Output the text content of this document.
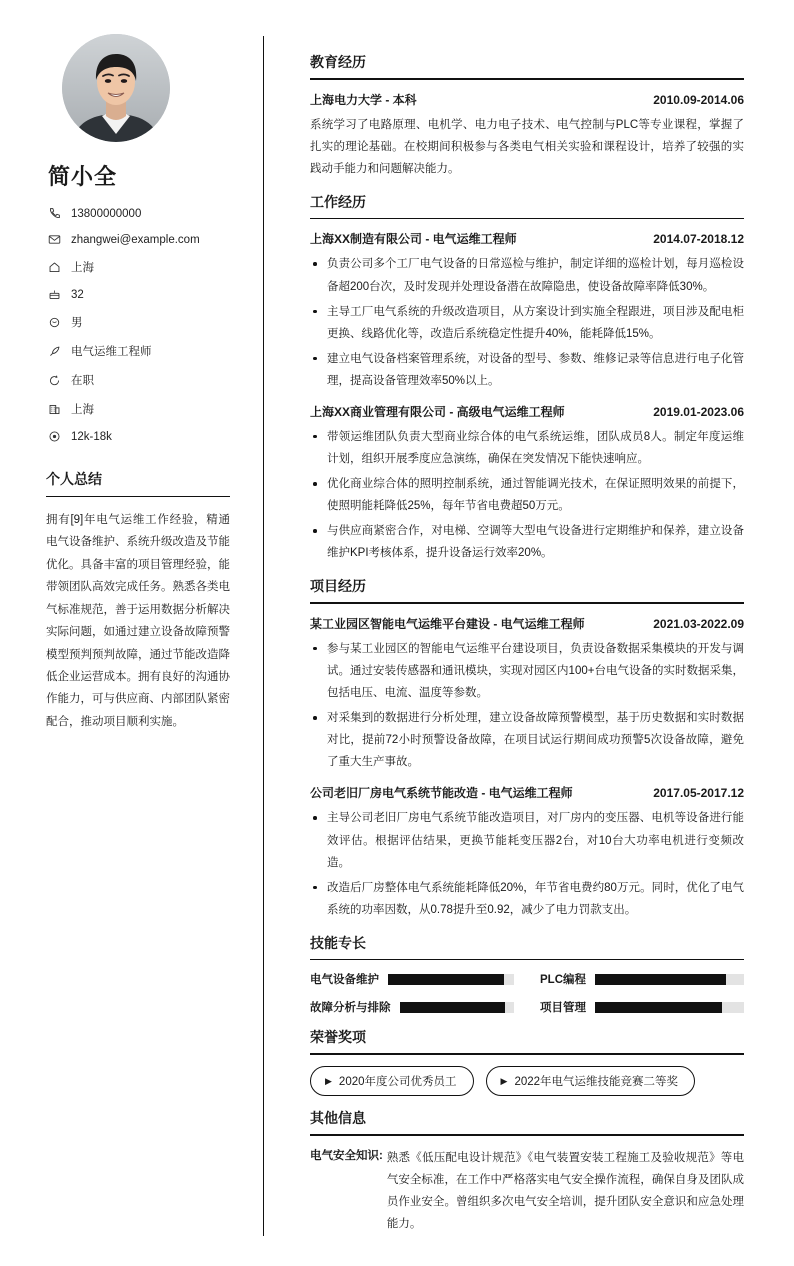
简小全
13800000000
zhangwei@example.com
上海
32
男
电气运维工程师
在职
上海
12k-18k
个人总结

拥有[9]年电气运维工作经验，精通电气设备维护、系统升级改造及节能优化。具备丰富的项目管理经验，能带领团队高效完成任务。熟悉各类电气标准规范，善于运用数据分析解决实际问题，如通过建立设备故障预警模型预判预判故障，通过节能改造降低企业运营成本。拥有良好的沟通协作能力，可与供应商、内部团队紧密配合，推动项目顺利实施。

教育经历
上海电力大学 - 本科	2010.09-2014.06

系统学习了电路原理、电机学、电力电子技术、电气控制与PLC等专业课程，掌握了扎实的理论基础。在校期间积极参与各类电气相关实验和课程设计，培养了较强的实践动手能力和问题解决能力。

工作经历
上海XX制造有限公司 - 电气运维工程师	2014.07-2018.12
负责公司多个工厂电气设备的日常巡检与维护，制定详细的巡检计划，每月巡检设备超200台次，及时发现并处理设备潜在故障隐患，使设备故障率降低30%。
主导工厂电气系统的升级改造项目，从方案设计到实施全程跟进，项目涉及配电柜更换、线路优化等，改造后系统稳定性提升40%，能耗降低15%。
建立电气设备档案管理系统，对设备的型号、参数、维修记录等信息进行电子化管理，提高设备管理效率50%以上。
上海XX商业管理有限公司 - 高级电气运维工程师	2019.01-2023.06
带领运维团队负责大型商业综合体的电气系统运维，团队成员8人。制定年度运维计划，组织开展季度应急演练，确保在突发情况下能快速响应。
优化商业综合体的照明控制系统，通过智能调光技术，在保证照明效果的前提下，使照明能耗降低25%，每年节省电费超50万元。
与供应商紧密合作，对电梯、空调等大型电气设备进行定期维护和保养，建立设备维护KPI考核体系，提升设备运行效率20%。
项目经历
某工业园区智能电气运维平台建设 - 电气运维工程师	2021.03-2022.09
参与某工业园区的智能电气运维平台建设项目，负责设备数据采集模块的开发与调试。通过安装传感器和通讯模块，实现对园区内100+台电气设备的实时数据采集，包括电压、电流、温度等参数。
对采集到的数据进行分析处理，建立设备故障预警模型，基于历史数据和实时数据对比，提前72小时预警设备故障，在项目试运行期间成功预警5次设备故障，避免了重大生产事故。
公司老旧厂房电气系统节能改造 - 电气运维工程师	2017.05-2017.12
主导公司老旧厂房电气系统节能改造项目，对厂房内的变压器、电机等设备进行能效评估。根据评估结果，更换节能耗变压器2台，对10台大功率电机进行变频改造。
改造后厂房整体电气系统能耗降低20%，年节省电费约80万元。同时，优化了电气系统的功率因数，从0.78提升至0.92，减少了电力罚款支出。
技能专长
电气设备维护	PLC编程
故障分析与排除	项目管理
荣誉奖项
▶ 2020年度公司优秀员工	▶ 2022年电气运维技能竞赛二等奖
其他信息
电气安全知识: 熟悉《低压配电设计规范》《电气装置安装工程施工及验收规范》等电气安全标准，在工作中严格落实电气安全操作流程，确保自身及团队成员作业安全。曾组织多次电气安全培训，提升团队安全意识和应急处理能力。
